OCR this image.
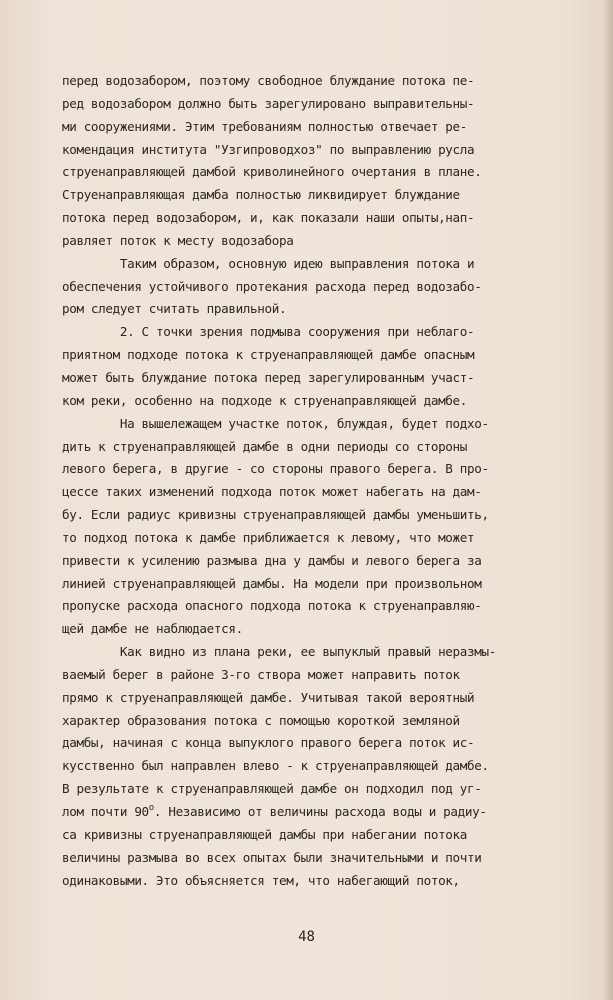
перед водозабором, поэтому свободное блуждание потока пе-
ред водозабором должно быть зарегулировано выправительны-
ми сооружениями. Этим требованиям полностью отвечает ре-
комендация института "Узгипроводхоз" по выправлению русла
струенаправляющей дамбой криволинейного очертания в плане.
Струенаправляющая дамба полностью ликвидирует блуждание
потока перед водозабором, и, как показали наши опыты,нап-
равляет поток к месту водозабора
Таким образом, основную идею выправления потока и
обеспечения устойчивого протекания расхода перед водозабо-
ром следует считать правильной.
2. С точки зрения подмыва сооружения при неблаго-
приятном подходе потока к струенаправляющей дамбе опасным
может быть блуждание потока перед зарегулированным участ-
ком реки, особенно на подходе к струенаправляющей дамбе.
На вышележащем участке поток, блуждая, будет подхо-
дить к струенаправляющей дамбе в одни периоды со стороны
левого берега, в другие - со стороны правого берега. В про-
цессе таких изменений подхода поток может набегать на дам-
бу. Если радиус кривизны струенаправляющей дамбы уменьшить,
то подход потока к дамбе приближается к левому, что может
привести к усилению размыва дна у дамбы и левого берега за
линией струенаправляющей дамбы. На модели при произвольном
пропуске расхода опасного подхода потока к струенаправляю-
щей дамбе не наблюдается.
Как видно из плана реки, ее выпуклый правый неразмы-
ваемый берег в районе 3-го створа может направить поток
прямо к струенаправляющей дамбе. Учитывая такой вероятный
характер образования потока с помощью короткой земляной
дамбы, начиная с конца выпуклого правого берега поток ис-
кусственно был направлен влево - к струенаправляющей дамбе.
В результате к струенаправляющей дамбе он подходил под уг-
лом почти 90$^o$. Независимо от величины расхода воды и радиу-
са кривизны струенаправляющей дамбы при набегании потока
величины размыва во всех опытах были значительными и почти
одинаковыми. Это объясняется тем, что набегающий поток,
48
